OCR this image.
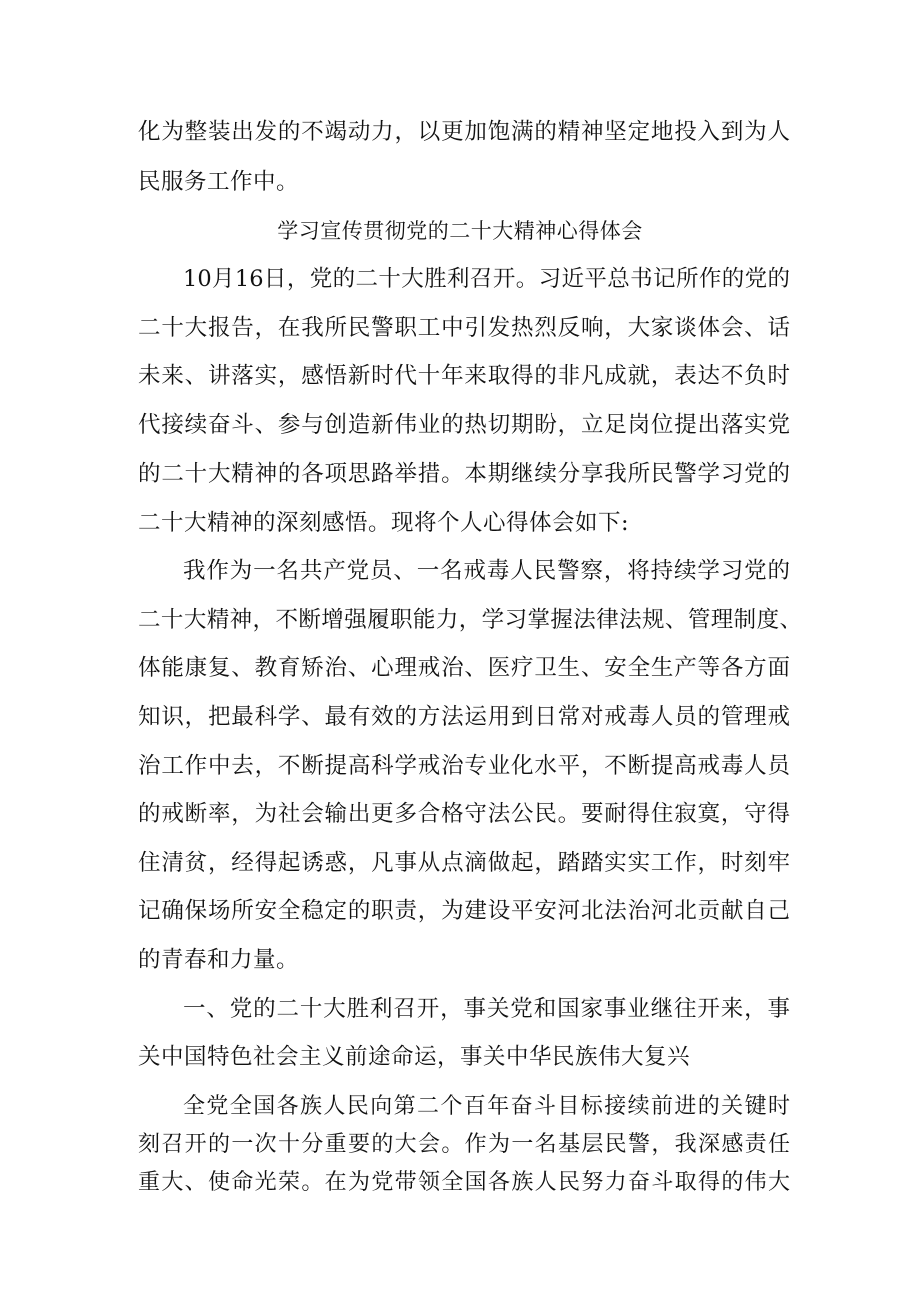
化为整装出发的不竭动力，以更加饱满的精神坚定地投入到为人
民服务工作中。
学习宣传贯彻党的二十大精神心得体会
10月16日，党的二十大胜利召开。习近平总书记所作的党的
二十大报告，在我所民警职工中引发热烈反响，大家谈体会、话
未来、讲落实，感悟新时代十年来取得的非凡成就，表达不负时
代接续奋斗、参与创造新伟业的热切期盼，立足岗位提出落实党
的二十大精神的各项思路举措。本期继续分享我所民警学习党的
二十大精神的深刻感悟。现将个人心得体会如下:
我作为一名共产党员、一名戒毒人民警察，将持续学习党的
二十大精神，不断增强履职能力，学习掌握法律法规、管理制度、
体能康复、教育矫治、心理戒治、医疗卫生、安全生产等各方面
知识，把最科学、最有效的方法运用到日常对戒毒人员的管理戒
治工作中去，不断提高科学戒治专业化水平，不断提高戒毒人员
的戒断率，为社会输出更多合格守法公民。要耐得住寂寞，守得
住清贫，经得起诱惑，凡事从点滴做起，踏踏实实工作，时刻牢
记确保场所安全稳定的职责，为建设平安河北法治河北贡献自己
的青春和力量。
一、党的二十大胜利召开，事关党和国家事业继往开来，事
关中国特色社会主义前途命运，事关中华民族伟大复兴
全党全国各族人民向第二个百年奋斗目标接续前进的关键时
刻召开的一次十分重要的大会。作为一名基层民警，我深感责任
重大、使命光荣。在为党带领全国各族人民努力奋斗取得的伟大
